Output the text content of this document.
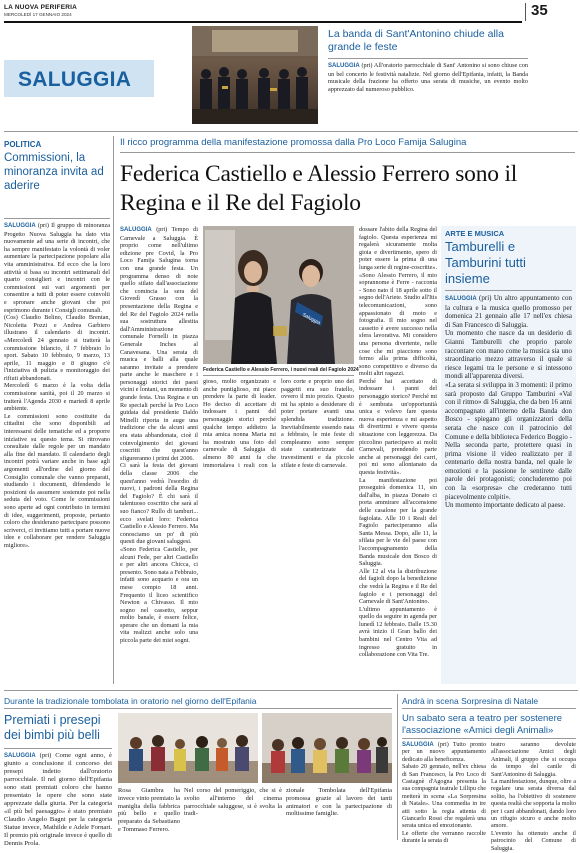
LA NUOVA PERIFERIA
MERCOLEDÌ 17 GENNAIO 2024	35
SALUGGIA
La banda di Sant'Antonino chiude alla grande le feste
SALUGGIA (pri) All'oratorio parrocchiale di Sant' Antonino si sono chiuse con un bel concerto le festività natalizie. Nel giorno dell'Epifania, infatti, la Banda musicale della frazione ha offerto una serata di musiche, un evento molto apprezzato dal numeroso pubblico.
POLITICA
Commissioni, la minoranza invita ad aderire
SALUGGIA (pri) Il gruppo di minoranza Progetto Nuova Saluggia ha dato vita nuovamente ad una serie di incontri, che ha sempre manifestato la volontà di voler aumentare la partecipazione popolare alla vita amministrativa. Ed ecco che la loro attività si basa su incontri settimanali del quarto consiglieri e incontri con le commissioni sui vari argomenti per consentire a tutti di poter essere coinvolti e spronare anche giovani che poi esprimono durante i Consigli comunali.
(Cos) Claudio Belino, Claudio Brentan, Nicoletta Pozzi e Andrea Garbiero illustrano il calendario di incontri. «Mercoledì 24 gennaio si tratterà la commissione bilancio, il 7 febbraio lo sport. Sabato 10 febbraio, 9 marzo, 13 aprile, 11 maggio e 8 giugno c'è l'iniziativa di pulizia e monitoraggio dei rifiuti abbandonati.
Mercoledì 6 marzo è la volta della commissione sanità, poi il 20 marzo si tratterà l'Agenda 2030 e martedì 8 aprile ambiente.
Le commissioni sono costituite da cittadini che sono disponibili ad interessarsi delle tematiche ed a proporre iniziative su questo tema. Si ritrovano consultate dalle regole per un mandato alla fine del mandato. Il calendario degli incontri potrà variare anche in base agli argomenti all'ordine del giorno del Consiglio comunale che vanno preparati, studiando i documenti, difendendo le posizioni da assumere sostenute poi nella seduta del voto. Come le commissioni sono aperte ad ogni contributo in termini di idee, suggerimenti, proposte, pertanto coloro che desiderano partecipare possono scriverci, ci invitiamo tutti a portare nuove idee e collaborare per rendere Saluggia migliore».
Il ricco programma della manifestazione promossa dalla Pro Loco Famija Salugina
Federica Castiello e Alessio Ferrero sono il Regina e il Re del Fagiolo
SALUGGIA (pri) Tempo di Carnevale a Saluggia. È proprio come nell'ultimo edizione pre Covid, la Pro Loco Famija Salugina torna con una grande festa. Un programma denso di note quello stilato dall'associazione che comincia la sera del Giovedì Grasso con la presentazione della Regina e del Re del Fagiolo 2024 nella sua sostruttura allestita dall'Amministrazione comunale Fornelli in piazza Generale Inches al Canavesana. Una serata di musica e balli alla quale saranno invitate a prendere parte anche le maschere e i personaggi storici dei paesi vicini e lontani, un momento di grande festa. Una Regina e un Re speciali perché la Pro Loco guidata dal presidente Daldo Minelli riporta in auge una tradizione che da alcuni anni era stata abbandonata, cioè il coinvolgimento dei giovani coscritti che quest'anno sfigureranno i primi dei 2006.
Ci sarà la festa dei giovani della classe 2006 che quest'anno vedrà l'esordio di nuovi, i padroni della Regina del Fagiolo? È chi sarà il talentuoso coscritto che sarà al suo fianco? Rullo di tamburi... ecco svelati loro: Federica Castiello e Alessio Ferrero. Ma conosciamo un po' di più questi due giovani saluggesi.
«Sono Federica Castiello, per alcuni Fede, per altri Castiello e per altri ancora Chicca, ci presento. Sono nata a Febbraio, infatti sono acquario e ora un mese compio 18 anni. Frequento il liceo scientifico Newton a Chivasso. Il mio sogno nel cassetto, seppur molto banale, è essere felice, sperare che un domani la mia vita realizzi anche solo una piccola parte dei miei sogni.
Saluggia
Federica Castiello e Alessio Ferrero, i nuovi reali del Fagiolo 2024
gioso, molto organizzato e anche puntiglioso, mi piace prendere la parte di leader. Ho deciso di accettare di indossare i panni del personaggio storici perché qualche tempo addietro la mia amica nonna Maria mi ha mostrato una foto del carnevale di Saluggia di almeno 80 anni fa che immortalava i reali con la loro corte e proprio uno dei paggetti era suo fratello, ovvero il mio prozio. Questo mi ha spinto a desiderare di poter portare avanti una splendida tradizione. Inevitabilmente essendo nata a febbraio, le mie feste di compleanno sono sempre state caratterizzate dai travestimenti e da piccole sfilate e feste di carnevale.
dossare l'abito della Regina del fagiolo. Questa esperienza mi regalerà sicuramente molta gioia e divertimento, spero di poter essere la prima di una lunga serie di regine-coscritte».
«Sono Alessio Ferrero, il mio soprannome è Ferre - racconta - Sono nato il 18 aprile sotto il segno dell'Ariete. Studio all'Itis telecomunicazioni, sono appassionato di moto e fotografia. Il mio sogno nel cassetto è avere successo nella sfera lavorativa. Mi considero una persona divertente, nelle cose che mi piacciono sono fermo alla prima difficoltà, sono competitivo e diverso da molti altri ragazzi.
Perché hai accettato di indossare i panni del personaggio storico? Perché mi è sembrata un'opportunità unica e volevo fare questa nuova esperienza e mi aspetto di divertirmi e vivere questa situazione con leggerezza. Da piccolino partecipavo ai molti Carnevali, prendendo parte anche ai personaggi dei carri, poi mi sono allontanato da questa festività».
La manifestazione poi proseguirà domenica 11, sin dall'alba, in piazza Donato ci porta ammirare all'accensione delle casalone per la grande fagiolata. Alle 10 i Reali del Fagiolo parteciperanno alla Santa Messa. Dopo, alle 11, la sfilata per le vie del paese con l'accompagnamento della Banda musicale don Bosco di Saluggia.
Alle 12 al via la distribuzione del fagioli dopo la benedizione che vedrà la Regina e il Re del fagiolo e i personaggi del Carnevale di Sant'Antonino.
L'ultimo appuntamento è quello da seguire in agenda per lunedì 12 febbraio. Dalle 15.30 avrà inizio il Gran ballo dei bambini nel Centro Vita ad ingresso gratuito in collaborazione con Vita Tre.
ARTE E MUSICA
Tamburelli e Tamburini tutti insieme
SALUGGIA (pri) Un altro appuntamento con la cultura e la musica quello promosso per domenica 21 gennaio alle 17 nell'ex chiesa di San Francesco di Saluggia.
Un momento che nasce da un desiderio di Gianni Tamburelli che proprio parole raccontare con mano come la musica sia uno straordinario mezzo attraverso il quale si riesce legami tra le persone e si intessono mondi all'apparenza diversi.
«La serata si sviluppa in 3 momenti: il primo sarà proposto dal Gruppo Tamburini «Val con il ritmo» di Saluggia, che da ben 16 anni accompagnato all'interno della Banda don Bosco - spiegano gli organizzatori della serata che nasce con il patrocinio del Comune e della biblioteca Federico Boggio - Nella seconda parte, protettere quasi in prima visione il video realizzato per il centenario della nostra banda, nel quale le emozioni e la passione le sentirete dalle parole dei protagonisti; concluderemo poi con la «sorpresa» che crederanno tutti piacevolmente colpiti».
Un momento importante dedicato al paese.
Durante la tradizionale tombolata in oratorio nel giorno dell'Epifania
Premiati i presepi dei bimbi più belli
SALUGGIA (pri) Come ogni anno, è giunto a conclusione il concorso dei presepi indetto dall'oratorio parrocchiale. Il nel giorno dell'Epifania sono stati premiati coloro che hanno presentato le opere che sono state apprezzate dalla giuria. Per la categoria «il più bel paesaggio» è stato premiato Claudio Angelo Bagni per la categoria Statue invece, Mathilde e Adele Fornari. Il premio più originale invece è quello di Dennis Prola.
Rosa Giambra ha invece vinto premiato la maniglia della fabbrica più bello e quello preparato da Sebastiano e Tommaso Ferrero.
Nel corso del pomeriggio, che si è svolto all'interno del cinema parrocchiale saluggese, si è svolta la tradi-
zionale Tombolata dell'Epifania promossa grazie al lavoro dei tanti animatori e con la partecipazione di moltissime famiglie.
Andrà in scena Sorpresina di Natale
Un sabato sera a teatro per sostenere l'associazione «Amici degli Animali»
SALUGGIA (pri) Tutto pronto per un nuovo appuntamento dedicato alla beneficenza.
Sabato 20 gennaio, nell'ex chiesa di San Francesco, la Pro Loco di Castagnè d'Agogna presenta la sua compagnia teatrale Lillipu che metterà in scena «La Sorpresina di Natale». Una commedia in tre atti sotto la regia attenta di Giancarlo Rossi che regalerà una serata unica ed emozionante.
Le offerte che verranno raccolte durante la serata di
teatro saranno devolute all'associazione Amici degli Animali, il gruppo che si occupa da tempo del canile di Sant'Antonino di Saluggia.
La manifestazione, dunque, oltre a regalare una serata diversa dal solito, ha l'obiettivo di sostenere questa realtà che sopporta la molto per i cani abbandonati, dando loro un rifugio sicuro e anche molto amore.
L'evento ha ottenuto anche il patrocinio del Comune di Saluggia.
